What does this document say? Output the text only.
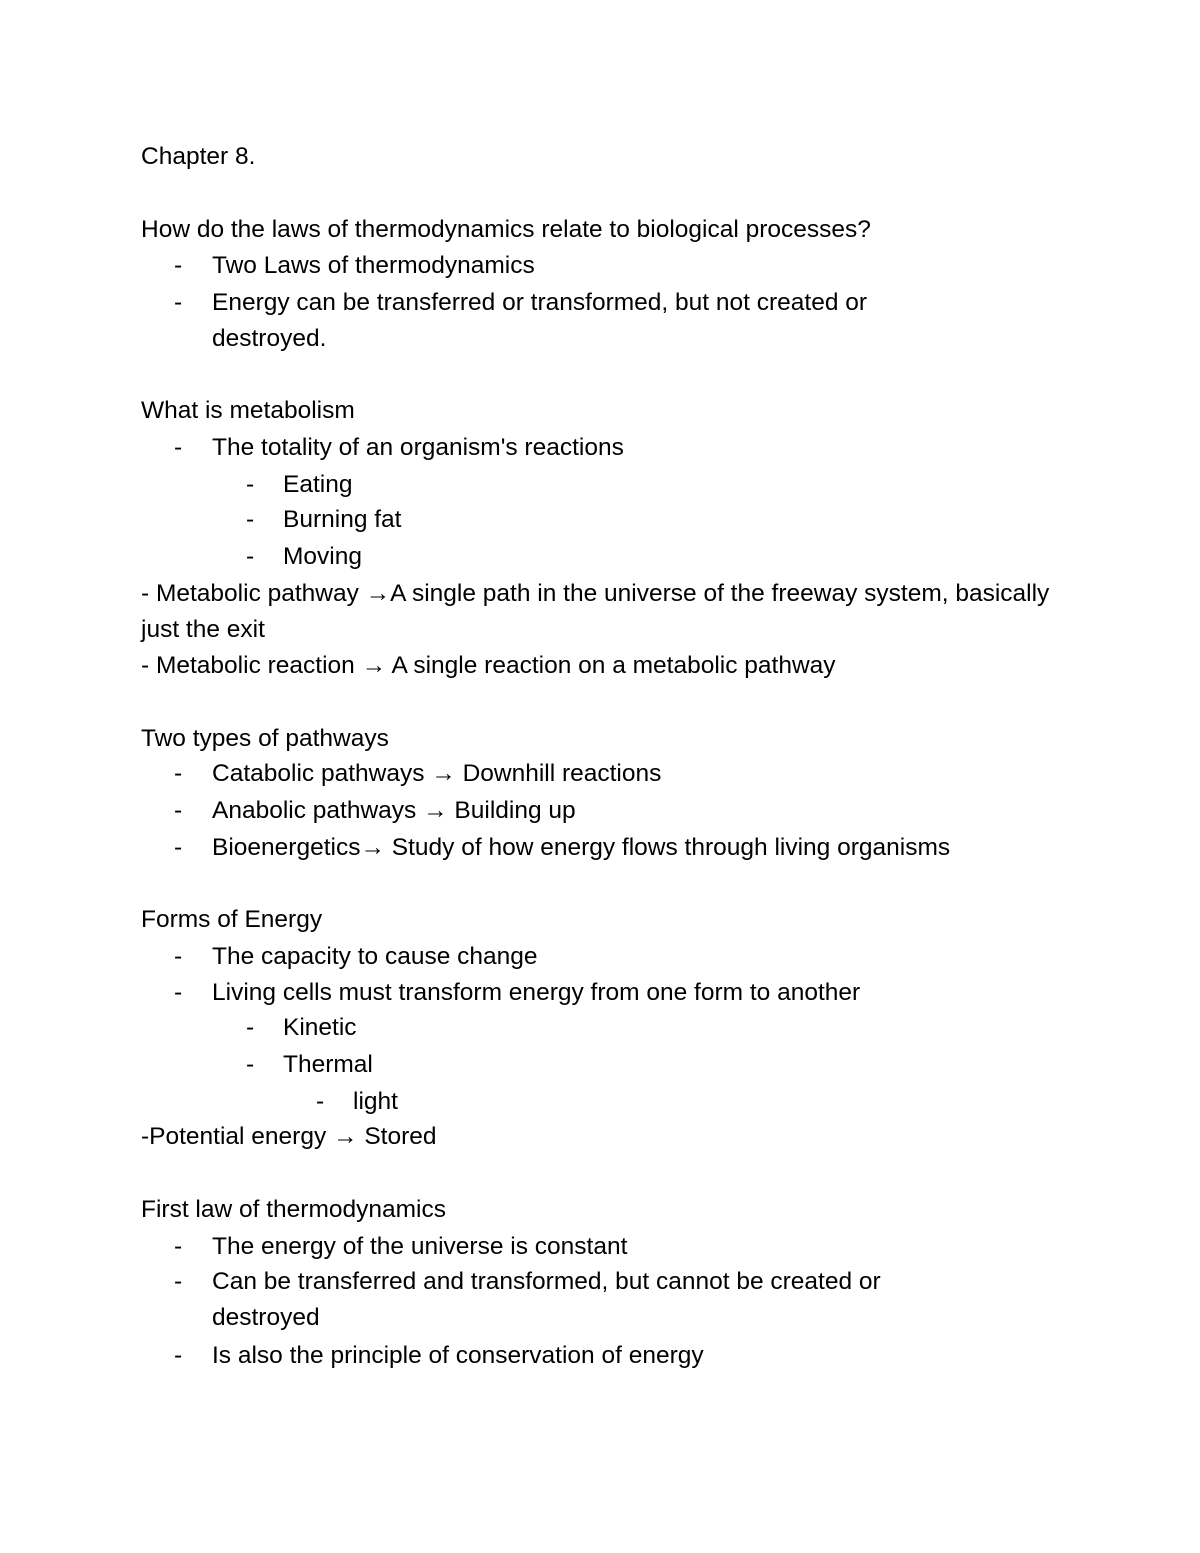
Chapter 8.
How do the laws of thermodynamics relate to biological processes?
- Two Laws of thermodynamics
- Energy can be transferred or transformed, but not created or destroyed.
What is metabolism
- The totality of an organism's reactions
- Eating
- Burning fat
- Moving
- Metabolic pathway →A single path in the universe of the freeway system, basically just the exit
- Metabolic reaction → A single reaction on a metabolic pathway
Two types of pathways
- Catabolic pathways → Downhill reactions
- Anabolic pathways → Building up
- Bioenergetics→ Study of how energy flows through living organisms
Forms of Energy
- The capacity to cause change
- Living cells must transform energy from one form to another
- Kinetic
- Thermal
- light
-Potential energy → Stored
First law of thermodynamics
- The energy of the universe is constant
- Can be transferred and transformed, but cannot be created or destroyed
- Is also the principle of conservation of energy
